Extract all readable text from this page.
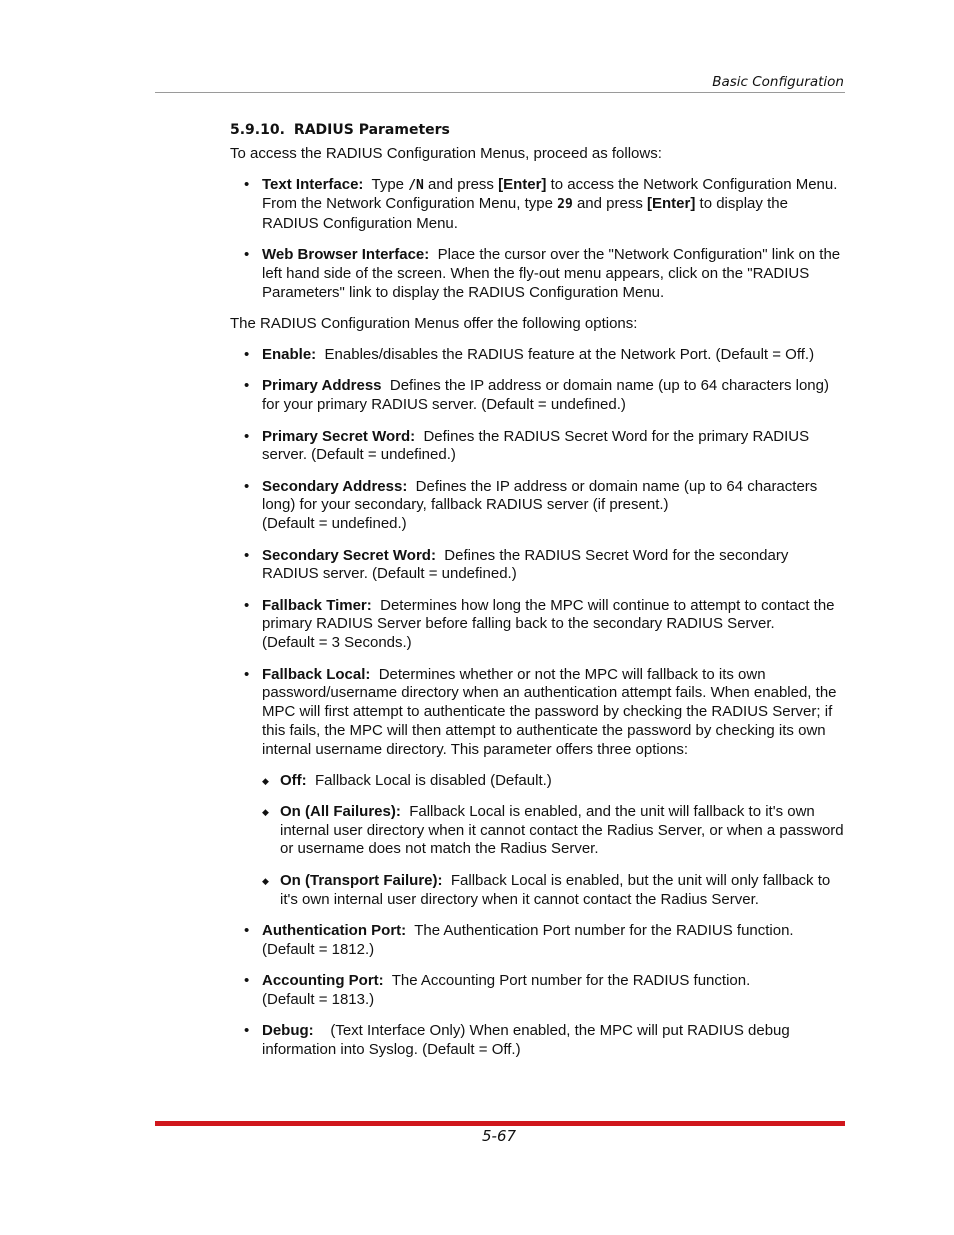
Basic Configuration
5.9.10. RADIUS Parameters

To access the RADIUS Configuration Menus, proceed as follows:

• Text Interface: Type /N and press [Enter] to access the Network Configuration Menu. From the Network Configuration Menu, type 29 and press [Enter] to display the RADIUS Configuration Menu.
• Web Browser Interface: Place the cursor over the "Network Configuration" link on the left hand side of the screen. When the fly-out menu appears, click on the "RADIUS Parameters" link to display the RADIUS Configuration Menu.

The RADIUS Configuration Menus offer the following options:

• Enable: Enables/disables the RADIUS feature at the Network Port. (Default = Off.)
• Primary Address Defines the IP address or domain name (up to 64 characters long) for your primary RADIUS server. (Default = undefined.)
• Primary Secret Word: Defines the RADIUS Secret Word for the primary RADIUS server. (Default = undefined.)
• Secondary Address: Defines the IP address or domain name (up to 64 characters long) for your secondary, fallback RADIUS server (if present.)
(Default = undefined.)
• Secondary Secret Word: Defines the RADIUS Secret Word for the secondary RADIUS server. (Default = undefined.)
• Fallback Timer: Determines how long the MPC will continue to attempt to contact the primary RADIUS Server before falling back to the secondary RADIUS Server.
(Default = 3 Seconds.)
• Fallback Local: Determines whether or not the MPC will fallback to its own password/username directory when an authentication attempt fails. When enabled, the MPC will first attempt to authenticate the password by checking the RADIUS Server; if this fails, the MPC will then attempt to authenticate the password by checking its own internal username directory. This parameter offers three options:
◆ Off: Fallback Local is disabled (Default.)
◆ On (All Failures): Fallback Local is enabled, and the unit will fallback to it's own internal user directory when it cannot contact the Radius Server, or when a password or username does not match the Radius Server.
◆ On (Transport Failure): Fallback Local is enabled, but the unit will only fallback to it's own internal user directory when it cannot contact the Radius Server.
• Authentication Port: The Authentication Port number for the RADIUS function.
(Default = 1812.)
• Accounting Port: The Accounting Port number for the RADIUS function.
(Default = 1813.)
• Debug: (Text Interface Only) When enabled, the MPC will put RADIUS debug information into Syslog. (Default = Off.)
5-67
